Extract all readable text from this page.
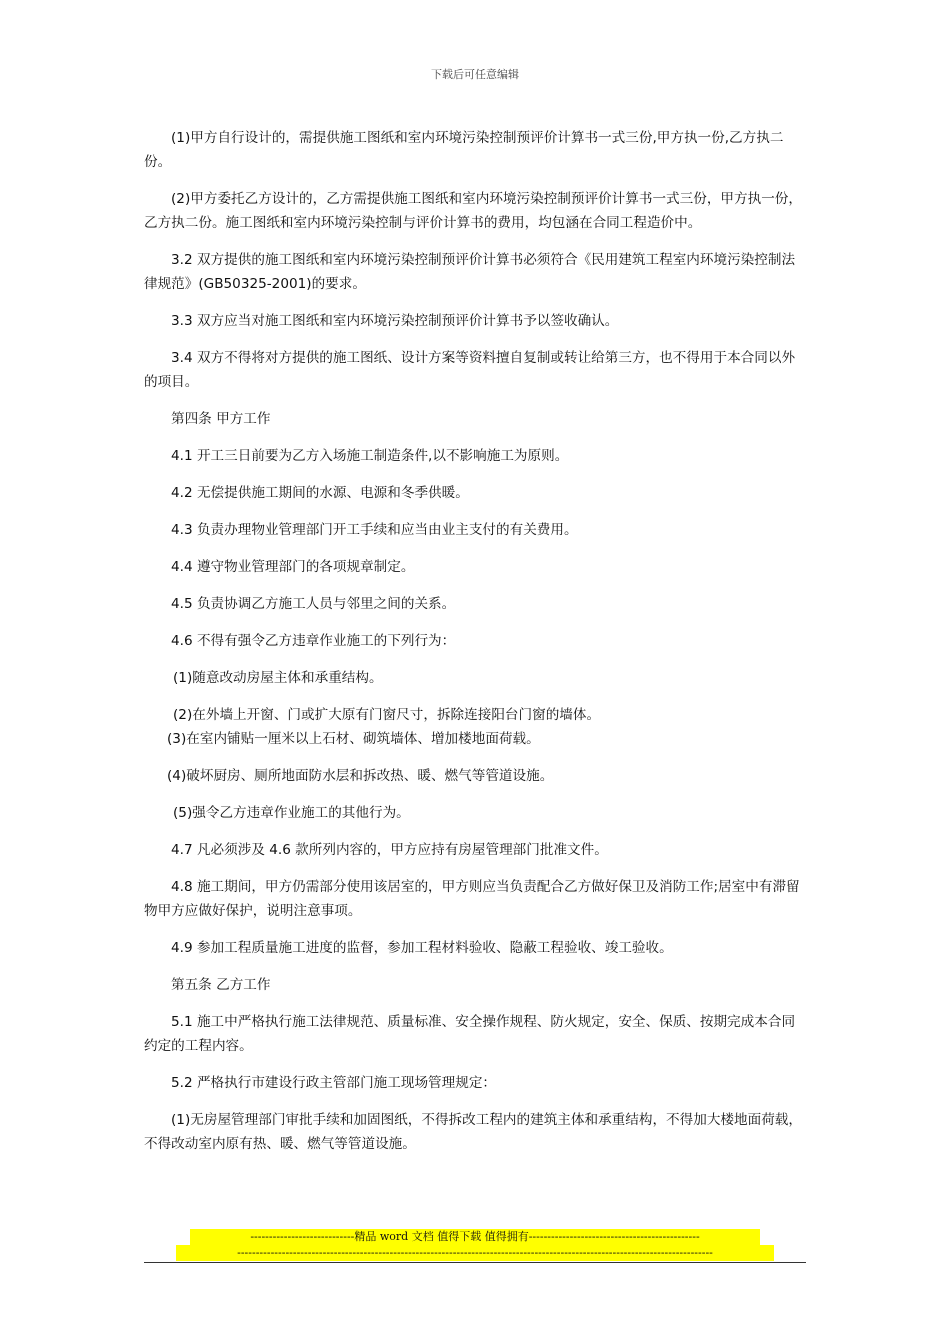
下载后可任意编辑

(1)甲方自行设计的，需提供施工图纸和室内环境污染控制预评价计算书一式三份,甲方执一份,乙方执二份。

(2)甲方委托乙方设计的，乙方需提供施工图纸和室内环境污染控制预评价计算书一式三份，甲方执一份，乙方执二份。施工图纸和室内环境污染控制与评价计算书的费用，均包涵在合同工程造价中。

3.2 双方提供的施工图纸和室内环境污染控制预评价计算书必须符合《民用建筑工程室内环境污染控制法律规范》(GB50325-2001)的要求。

3.3 双方应当对施工图纸和室内环境污染控制预评价计算书予以签收确认。

3.4 双方不得将对方提供的施工图纸、设计方案等资料擅自复制或转让给第三方，也不得用于本合同以外的项目。

第四条 甲方工作

4.1 开工三日前要为乙方入场施工制造条件,以不影响施工为原则。

4.2 无偿提供施工期间的水源、电源和冬季供暖。

4.3 负责办理物业管理部门开工手续和应当由业主支付的有关费用。

4.4 遵守物业管理部门的各项规章制定。

4.5 负责协调乙方施工人员与邻里之间的关系。

4.6 不得有强令乙方违章作业施工的下列行为：

(1)随意改动房屋主体和承重结构。

(2)在外墙上开窗、门或扩大原有门窗尺寸，拆除连接阳台门窗的墙体。

(3)在室内铺贴一厘米以上石材、砌筑墙体、增加楼地面荷载。

(4)破坏厨房、厕所地面防水层和拆改热、暖、燃气等管道设施。

(5)强令乙方违章作业施工的其他行为。

4.7 凡必须涉及 4.6 款所列内容的，甲方应持有房屋管理部门批准文件。

4.8 施工期间，甲方仍需部分使用该居室的，甲方则应当负责配合乙方做好保卫及消防工作;居室中有滞留物甲方应做好保护，说明注意事项。

4.9 参加工程质量施工进度的监督，参加工程材料验收、隐蔽工程验收、竣工验收。

第五条 乙方工作

5.1 施工中严格执行施工法律规范、质量标准、安全操作规程、防火规定，安全、保质、按期完成本合同约定的工程内容。

5.2 严格执行市建设行政主管部门施工现场管理规定：

(1)无房屋管理部门审批手续和加固图纸，不得拆改工程内的建筑主体和承重结构，不得加大楼地面荷载，不得改动室内原有热、暖、燃气等管道设施。

----------------------------精品 word 文档 值得下载 值得拥有----------------------------------------------
--------------------------------------------------------------------------------------------------------------------------------
